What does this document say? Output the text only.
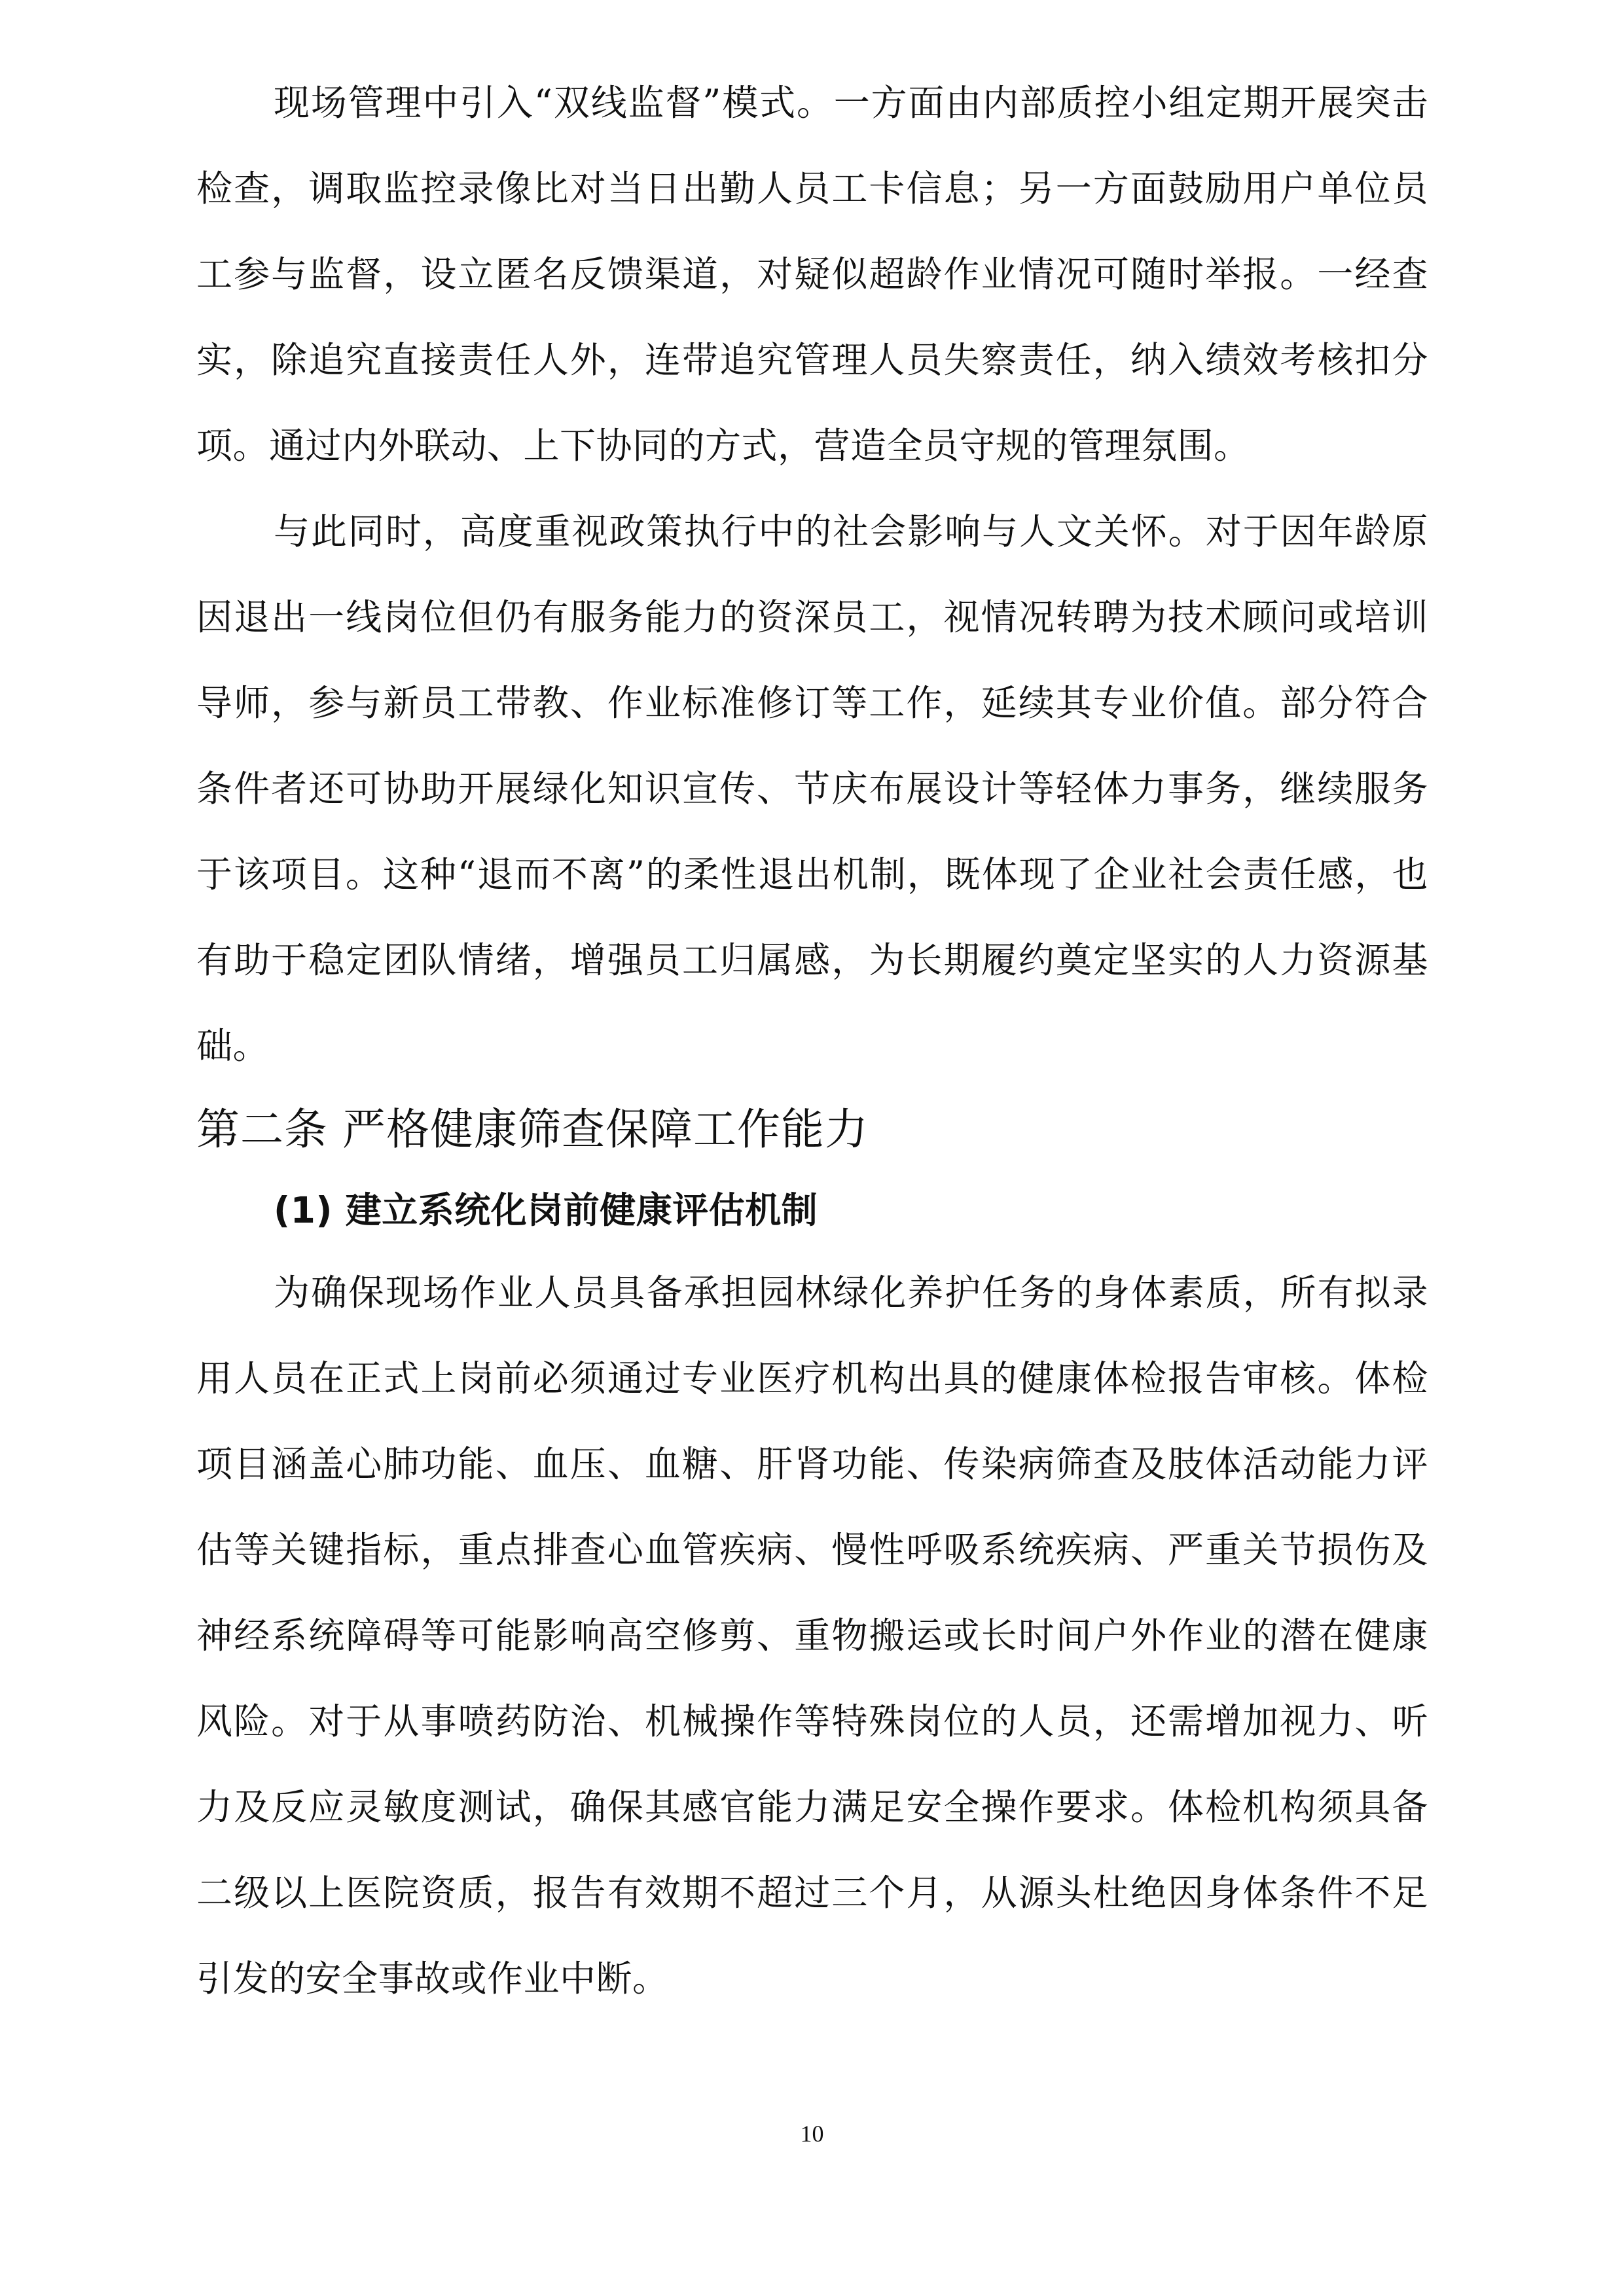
现场管理中引入“双线监督”模式。一方面由内部质控小组定期开展突击检查，调取监控录像比对当日出勤人员工卡信息；另一方面鼓励用户单位员工参与监督，设立匿名反馈渠道，对疑似超龄作业情况可随时举报。一经查实，除追究直接责任人外，连带追究管理人员失察责任，纳入绩效考核扣分项。通过内外联动、上下协同的方式，营造全员守规的管理氛围。

与此同时，高度重视政策执行中的社会影响与人文关怀。对于因年龄原因退出一线岗位但仍有服务能力的资深员工，视情况转聘为技术顾问或培训导师，参与新员工带教、作业标准修订等工作，延续其专业价值。部分符合条件者还可协助开展绿化知识宣传、节庆布展设计等轻体力事务，继续服务于该项目。这种“退而不离”的柔性退出机制，既体现了企业社会责任感，也有助于稳定团队情绪，增强员工归属感，为长期履约奠定坚实的人力资源基础。

第二条 严格健康筛查保障工作能力
(1) 建立系统化岗前健康评估机制

为确保现场作业人员具备承担园林绿化养护任务的身体素质，所有拟录用人员在正式上岗前必须通过专业医疗机构出具的健康体检报告审核。体检项目涵盖心肺功能、血压、血糖、肝肾功能、传染病筛查及肢体活动能力评估等关键指标，重点排查心血管疾病、慢性呼吸系统疾病、严重关节损伤及神经系统障碍等可能影响高空修剪、重物搬运或长时间户外作业的潜在健康风险。对于从事喷药防治、机械操作等特殊岗位的人员，还需增加视力、听力及反应灵敏度测试，确保其感官能力满足安全操作要求。体检机构须具备二级以上医院资质，报告有效期不超过三个月，从源头杜绝因身体条件不足引发的安全事故或作业中断。

10
